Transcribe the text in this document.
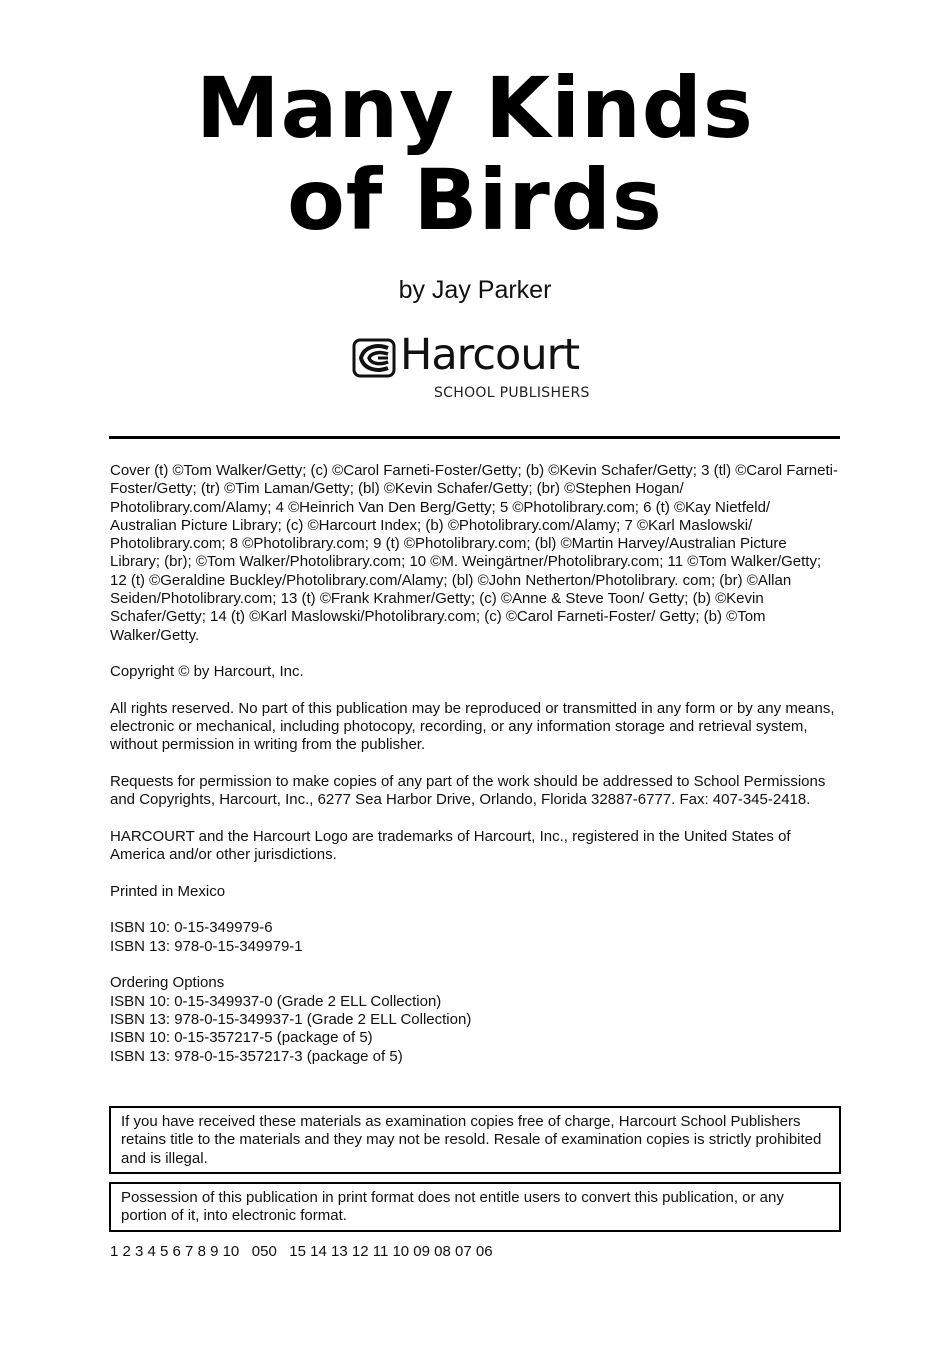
Many Kinds
of Birds
by Jay Parker
Harcourt
SCHOOL PUBLISHERS

Cover (t) ©Tom Walker/Getty; (c) ©Carol Farneti-Foster/Getty; (b) ©Kevin Schafer/Getty; 3 (tl) ©Carol Farneti-Foster/Getty; (tr) ©Tim Laman/Getty; (bl) ©Kevin Schafer/Getty; (br) ©Stephen Hogan/ Photolibrary.com/Alamy; 4 ©Heinrich Van Den Berg/Getty; 5 ©Photolibrary.com; 6 (t) ©Kay Nietfeld/ Australian Picture Library; (c) ©Harcourt Index; (b) ©Photolibrary.com/Alamy; 7 ©Karl Maslowski/ Photolibrary.com; 8 ©Photolibrary.com; 9 (t) ©Photolibrary.com; (bl) ©Martin Harvey/Australian Picture Library; (br); ©Tom Walker/Photolibrary.com; 10 ©M. Weingärtner/Photolibrary.com; 11 ©Tom Walker/Getty; 12 (t) ©Geraldine Buckley/Photolibrary.com/Alamy; (bl) ©John Netherton/Photolibrary. com; (br) ©Allan Seiden/Photolibrary.com; 13 (t) ©Frank Krahmer/Getty; (c) ©Anne & Steve Toon/ Getty; (b) ©Kevin Schafer/Getty; 14 (t) ©Karl Maslowski/Photolibrary.com; (c) ©Carol Farneti-Foster/ Getty; (b) ©Tom Walker/Getty.

Copyright © by Harcourt, Inc.

All rights reserved. No part of this publication may be reproduced or transmitted in any form or by any means, electronic or mechanical, including photocopy, recording, or any information storage and retrieval system, without permission in writing from the publisher.

Requests for permission to make copies of any part of the work should be addressed to School Permissions and Copyrights, Harcourt, Inc., 6277 Sea Harbor Drive, Orlando, Florida 32887-6777. Fax: 407-345-2418.

HARCOURT and the Harcourt Logo are trademarks of Harcourt, Inc., registered in the United States of America and/or other jurisdictions.

Printed in Mexico

ISBN 10: 0-15-349979-6
ISBN 13: 978-0-15-349979-1

Ordering Options
ISBN 10: 0-15-349937-0 (Grade 2 ELL Collection)
ISBN 13: 978-0-15-349937-1 (Grade 2 ELL Collection)
ISBN 10: 0-15-357217-5 (package of 5)
ISBN 13: 978-0-15-357217-3 (package of 5)

If you have received these materials as examination copies free of charge, Harcourt School Publishers retains title to the materials and they may not be resold. Resale of examination copies is strictly prohibited and is illegal.
Possession of this publication in print format does not entitle users to convert this publication, or any portion of it, into electronic format.
1 2 3 4 5 6 7 8 9 10   050   15 14 13 12 11 10 09 08 07 06
